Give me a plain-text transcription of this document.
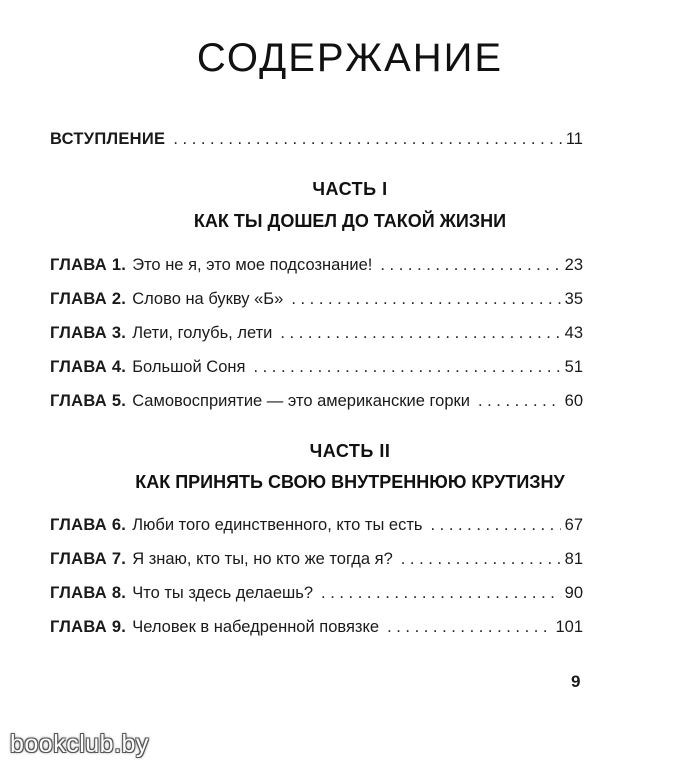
СОДЕРЖАНИЕ
ВСТУПЛЕНИЕ . . .	11
ЧАСТЬ I
КАК ТЫ ДОШЕЛ ДО ТАКОЙ ЖИЗНИ
ГЛАВА 1. Это не я, это мое подсознание! . . .	23
ГЛАВА 2. Слово на букву «Б» . . .	35
ГЛАВА 3. Лети, голубь, лети . . .	43
ГЛАВА 4. Большой Соня . . .	51
ГЛАВА 5. Самовосприятие — это американские горки . . .	60
ЧАСТЬ II
КАК ПРИНЯТЬ СВОЮ ВНУТРЕННЮЮ КРУТИЗНУ
ГЛАВА 6. Люби того единственного, кто ты есть . . .	67
ГЛАВА 7. Я знаю, кто ты, но кто же тогда я? . . .	81
ГЛАВА 8. Что ты здесь делаешь? . . .	90
ГЛАВА 9. Человек в набедренной повязке . . .	101
9
bookclub.by
